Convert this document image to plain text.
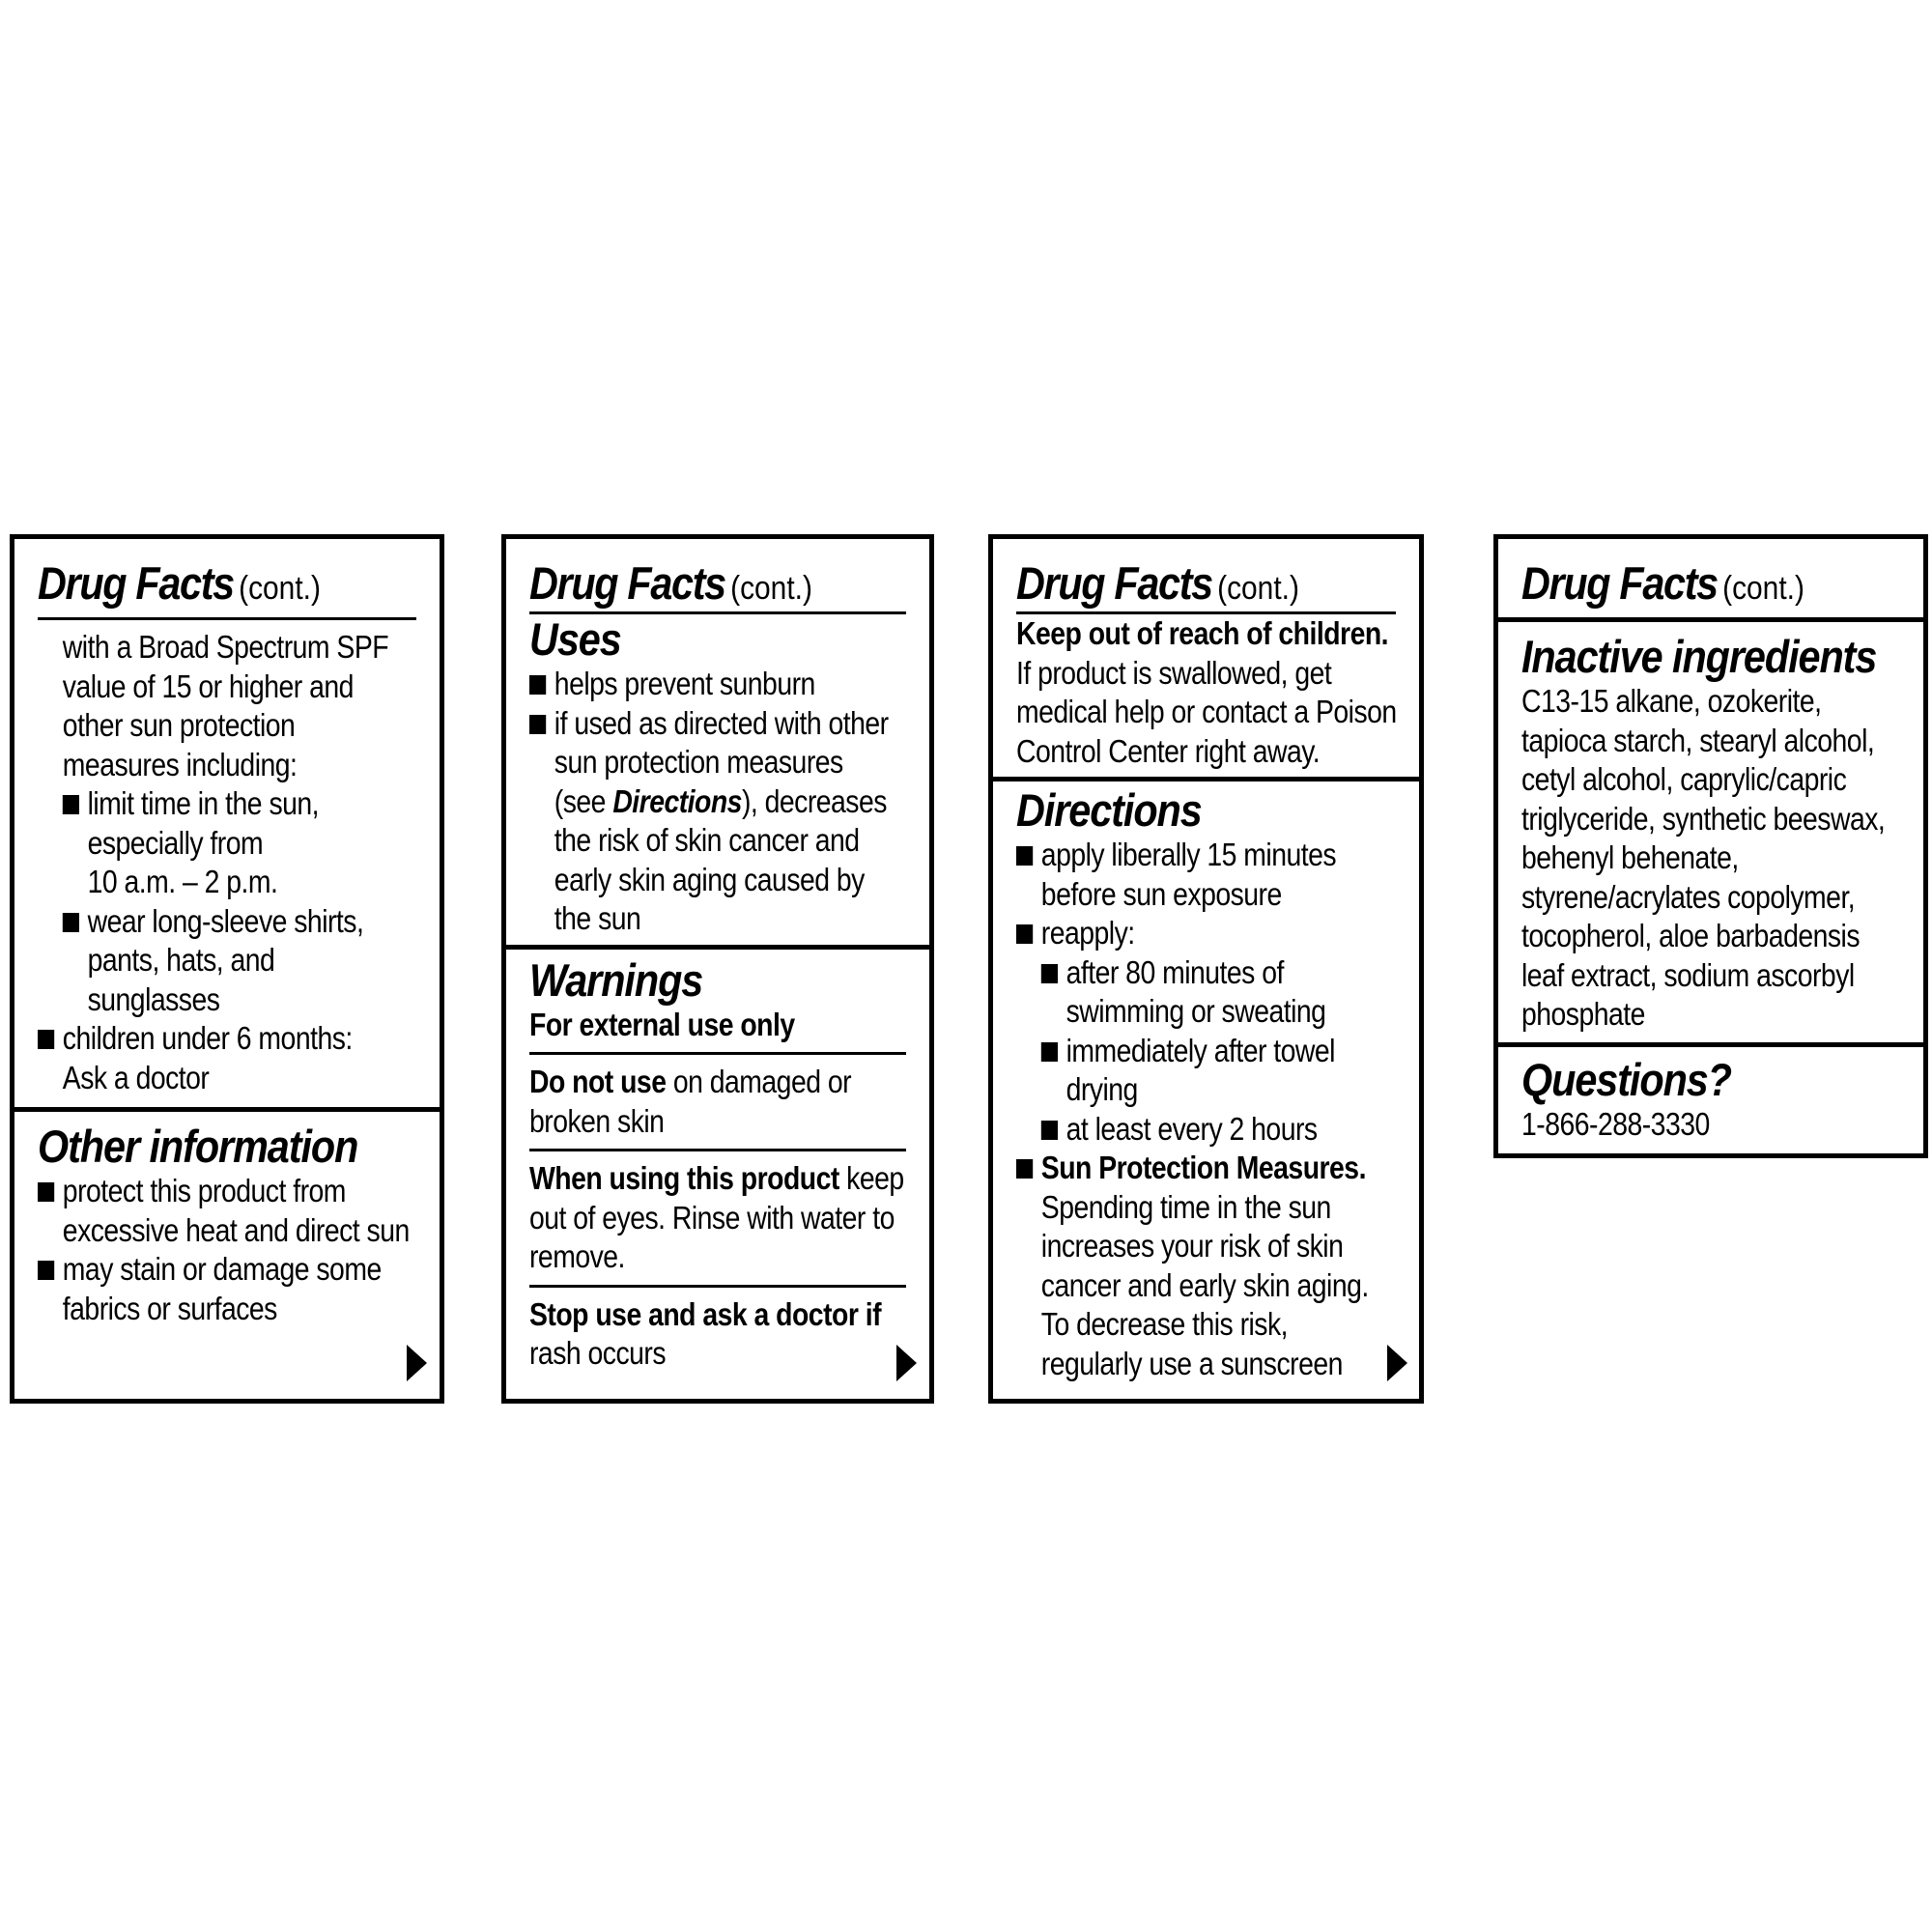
Drug Facts (cont.)
with a Broad Spectrum SPF
value of 15 or higher and
other sun protection
measures including:
limit time in the sun,
especially from
10 a.m. – 2 p.m.
wear long-sleeve shirts,
pants, hats, and
sunglasses
children under 6 months:
Ask a doctor
Other information
protect this product from
excessive heat and direct sun
may stain or damage some
fabrics or surfaces
Drug Facts (cont.)
Uses
helps prevent sunburn
if used as directed with other
sun protection measures
(see Directions), decreases
the risk of skin cancer and
early skin aging caused by
the sun
Warnings
For external use only
Do not use on damaged or
broken skin
When using this product keep
out of eyes. Rinse with water to
remove.
Stop use and ask a doctor if
rash occurs
Drug Facts (cont.)
Keep out of reach of children.
If product is swallowed, get
medical help or contact a Poison
Control Center right away.
Directions
apply liberally 15 minutes
before sun exposure
reapply:
after 80 minutes of
swimming or sweating
immediately after towel
drying
at least every 2 hours
Sun Protection Measures.
Spending time in the sun
increases your risk of skin
cancer and early skin aging.
To decrease this risk,
regularly use a sunscreen
Drug Facts (cont.)
Inactive ingredients
C13-15 alkane, ozokerite,
tapioca starch, stearyl alcohol,
cetyl alcohol, caprylic/capric
triglyceride, synthetic beeswax,
behenyl behenate,
styrene/acrylates copolymer,
tocopherol, aloe barbadensis
leaf extract, sodium ascorbyl
phosphate
Questions?
1-866-288-3330
